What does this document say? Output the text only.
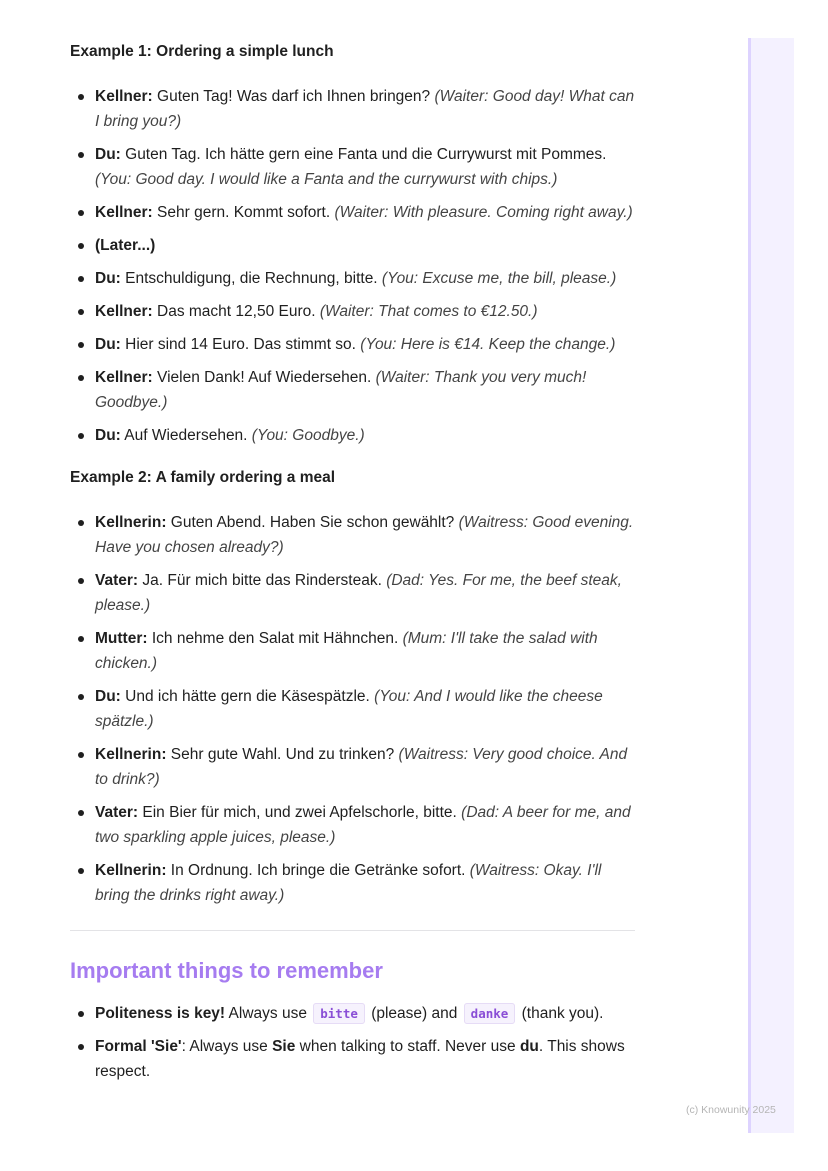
Example 1: Ordering a simple lunch
Kellner: Guten Tag! Was darf ich Ihnen bringen? (Waiter: Good day! What can I bring you?)
Du: Guten Tag. Ich hätte gern eine Fanta und die Currywurst mit Pommes. (You: Good day. I would like a Fanta and the currywurst with chips.)
Kellner: Sehr gern. Kommt sofort. (Waiter: With pleasure. Coming right away.)
(Later...)
Du: Entschuldigung, die Rechnung, bitte. (You: Excuse me, the bill, please.)
Kellner: Das macht 12,50 Euro. (Waiter: That comes to €12.50.)
Du: Hier sind 14 Euro. Das stimmt so. (You: Here is €14. Keep the change.)
Kellner: Vielen Dank! Auf Wiedersehen. (Waiter: Thank you very much! Goodbye.)
Du: Auf Wiedersehen. (You: Goodbye.)
Example 2: A family ordering a meal
Kellnerin: Guten Abend. Haben Sie schon gewählt? (Waitress: Good evening. Have you chosen already?)
Vater: Ja. Für mich bitte das Rindersteak. (Dad: Yes. For me, the beef steak, please.)
Mutter: Ich nehme den Salat mit Hähnchen. (Mum: I'll take the salad with chicken.)
Du: Und ich hätte gern die Käsespätzle. (You: And I would like the cheese spätzle.)
Kellnerin: Sehr gute Wahl. Und zu trinken? (Waitress: Very good choice. And to drink?)
Vater: Ein Bier für mich, und zwei Apfelschorle, bitte. (Dad: A beer for me, and two sparkling apple juices, please.)
Kellnerin: In Ordnung. Ich bringe die Getränke sofort. (Waitress: Okay. I'll bring the drinks right away.)
Important things to remember
Politeness is key! Always use bitte (please) and danke (thank you).
Formal 'Sie': Always use Sie when talking to staff. Never use du. This shows respect.
(c) Knowunity 2025
